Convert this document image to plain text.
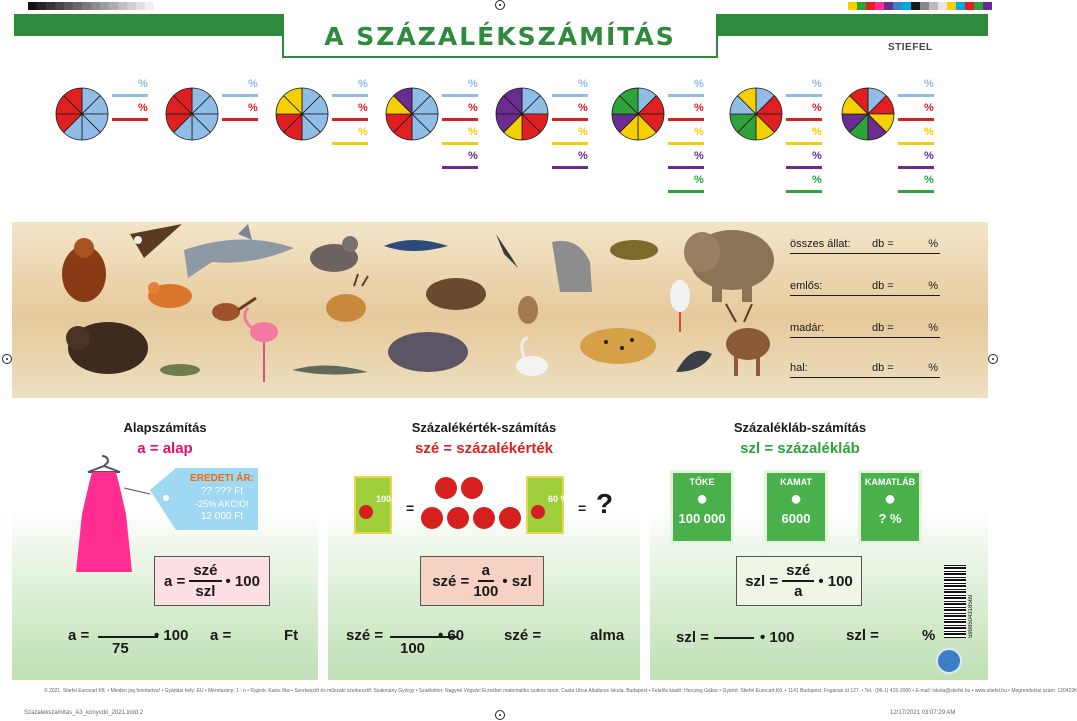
A SZÁZALÉKSZÁMÍTÁS	STIEFEL
%
%
%
%
%
%
%
%
%
%
%
%
%
%
%
%
%
%
%
%
%
%
%
%
%
%
%
%
%
%
összes állat: db =	%
emlős:	db =	%
madár:	db =	%
hal:	db =	%
Alapszámítás
a = alap
EREDETI ÁR:
?? ??? Ft
-25% AKCIÓ!
12 000 Ft
$a = \frac{\text{szé}}{\text{szl}}$ • 100
a =
75
• 100 a =	Ft
Százalékérték-számítás
szé = százalékérték
100 %
=
60 %
= ?
szé = $\frac{a}{100}$ • szl
szé =
100
• 60	szé =	alma
Százalékláb-számítás
szl = százalékláb
TŐKE
●
100 000
KAMAT
●
6000
KAMATLÁB
●
? %
szl = $\frac{\text{szé}}{a}$ • 100
szl =	• 100	szl =	%	5998504318569
© 2021. Stiefel Eurocart Kft. • Minden jog fenntartva! • Gyártási hely: EU • Méretarány: 1 : n • Rajzok: Kaiss Ilka • Szerkesztő és műszaki szerkesztő: Szakmány György • Szaklektor: Nagyné Végvári Erzsébet matematika szakos tanár, Csata Utcai Általános Iskola, Budapest • Felelős kiadó: Herczeg Gábor • Gyártó: Stiefel Eurocart Kft. • 1141 Budapest, Fogarasi út 127. • Tel.: (06-1) 415-2060 • E-mail: iskola@stiefel.hu • www.stiefel.hu • Megrendelési szám: 120422K
Szazalekszamitas_A3_konyvdo_2021.indd 2	12/17/2021 03:07:29 AM
